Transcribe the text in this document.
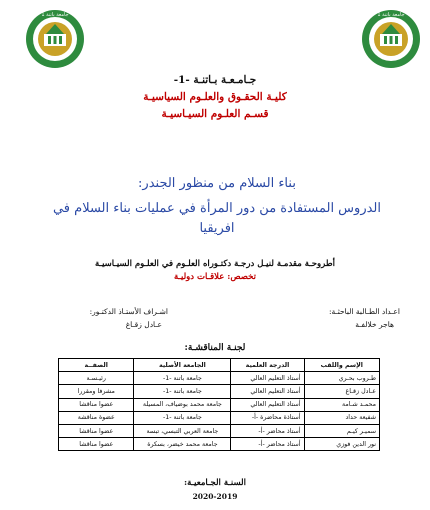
جامعة باتنة 1
جامعة باتنة 1
جـامـعـة بـاتنـة -1-
كليـة الحقـوق والعلـوم السياسيـة
قسـم العلـوم السيـاسيـة
بناء السلام من منظور الجندر:
الدروس المستفادة من دور المرأة في عمليات بناء السلام في افريقيا
أطروحـة مقدمـة لنيـل درجـة دكتـوراه العلـوم في العلـوم السيـاسيـة
تخصص: علاقـات دوليـة
اعـداد الطـالبة الباحثـة:
هاجر خلالفـة
اشـراف الأستـاذ الدكتـور:
عـادل زقـاغ
لجنـة المناقشـة:
الإسم واللقب	الدرجة العلمية	الجامعة الأصلية	الصفــة
طـروب بحـري	أستاذ التعليم العالي	جامعة باتنة -1-	رئيـسـة
عـادل زقـاغ	أستاذ التعليم العالي	جامعة باتنة -1-	مشرفا ومقررا
محمـد شـامة	أستاذ التعليم العالي	جامعة محمد بوضياف، المسيلة	عضوا مناقشا
شفيعة حداد	أستاذة محاضرة -أ-	جامعة باتنة -1-	عضوة مناقشة
سميـر كيـم	أستاذ محاضر -أ-	جامعة العربي التبسي، تبسة	عضوا مناقشا
نور الدين فوزي	أستاذ محاضر -أ-	جامعة محمد خيضر، بسكرة	عضوا مناقشا
السنـة الجـامعيـة:
2020-2019
